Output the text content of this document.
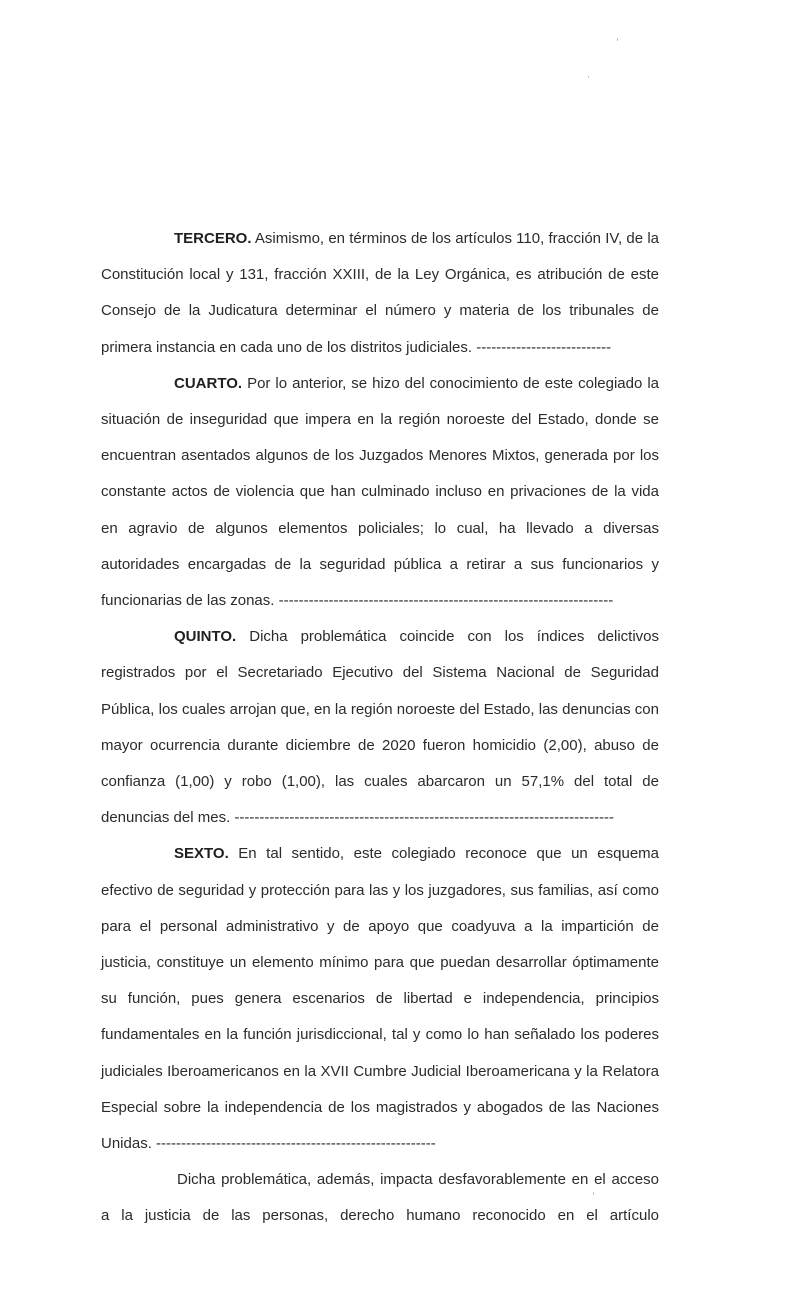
TERCERO. Asimismo, en términos de los artículos 110, fracción IV, de la Constitución local y 131, fracción XXIII, de la Ley Orgánica, es atribución de este Consejo de la Judicatura determinar el número y materia de los tribunales de primera instancia en cada uno de los distritos judiciales. ---------------------------

CUARTO. Por lo anterior, se hizo del conocimiento de este colegiado la situación de inseguridad que impera en la región noroeste del Estado, donde se encuentran asentados algunos de los Juzgados Menores Mixtos, generada por los constante actos de violencia que han culminado incluso en privaciones de la vida en agravio de algunos elementos policiales; lo cual, ha llevado a diversas autoridades encargadas de la seguridad pública a retirar a sus funcionarios y funcionarias de las zonas. -------------------------------------------------------------------

QUINTO. Dicha problemática coincide con los índices delictivos registrados por el Secretariado Ejecutivo del Sistema Nacional de Seguridad Pública, los cuales arrojan que, en la región noroeste del Estado, las denuncias con mayor ocurrencia durante diciembre de 2020 fueron homicidio (2,00), abuso de confianza (1,00) y robo (1,00), las cuales abarcaron un 57,1% del total de denuncias del mes. ----------------------------------------------------------------------------

SEXTO. En tal sentido, este colegiado reconoce que un esquema efectivo de seguridad y protección para las y los juzgadores, sus familias, así como para el personal administrativo y de apoyo que coadyuva a la impartición de justicia, constituye un elemento mínimo para que puedan desarrollar óptimamente su función, pues genera escenarios de libertad e independencia, principios fundamentales en la función jurisdiccional, tal y como lo han señalado los poderes judiciales Iberoamericanos en la XVII Cumbre Judicial Iberoamericana y la Relatora Especial sobre la independencia de los magistrados y abogados de las Naciones Unidas. --------------------------------------------------------

Dicha problemática, además, impacta desfavorablemente en el acceso a la justicia de las personas, derecho humano reconocido en el artículo
